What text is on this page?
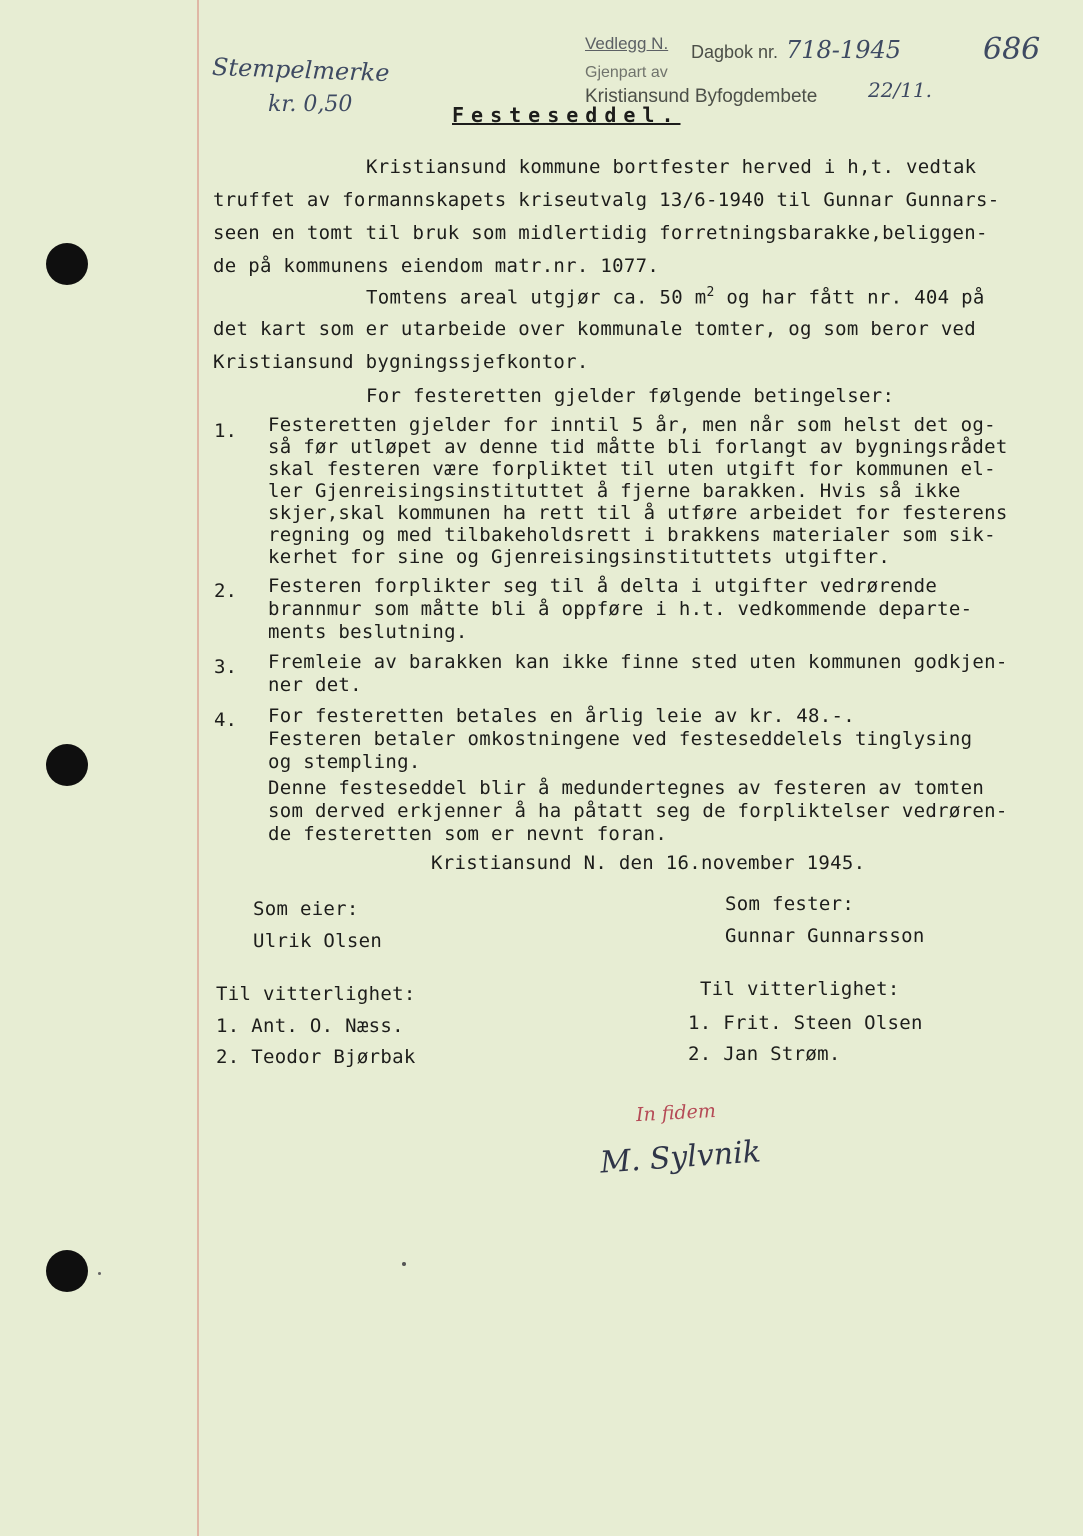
Stempelmerke
kr. 0,50
Vedlegg N. Dagbok nr. 718-1945
Gjenpart av
Kristiansund Byfogdembete	22/11.
686
Festeseddel.
Kristiansund kommune bortfester herved i h,t. vedtak
truffet av formannskapets kriseutvalg 13/6-1940 til Gunnar Gunnars-
seen en tomt til bruk som midlertidig forretningsbarakke,beliggen-
de på kommunens eiendom matr.nr. 1077.
Tomtens areal utgjør ca. 50 $m^2$ og har fått nr. 404 på
det kart som er utarbeide over kommunale tomter, og som beror ved
Kristiansund bygningssjefkontor.
For festeretten gjelder følgende betingelser:
1. Festeretten gjelder for inntil 5 år, men når som helst det og-
så før utløpet av denne tid måtte bli forlangt av bygningsrådet
skal festeren være forpliktet til uten utgift for kommunen el-
ler Gjenreisingsinstituttet å fjerne barakken. Hvis så ikke
skjer,skal kommunen ha rett til å utføre arbeidet for festerens
regning og med tilbakeholdsrett i brakkens materialer som sik-
kerhet for sine og Gjenreisingsinstituttets utgifter.
2. Festeren forplikter seg til å delta i utgifter vedrørende
brannmur som måtte bli å oppføre i h.t. vedkommende departe-
ments beslutning.
3. Fremleie av barakken kan ikke finne sted uten kommunen godkjen-
ner det.
4. For festeretten betales en årlig leie av kr. 48.-.
Festeren betaler omkostningene ved festeseddelels tinglysing
og stempling.
Denne festeseddel blir å medundertegnes av festeren av tomten
som derved erkjenner å ha påtatt seg de forpliktelser vedrøren-
de festeretten som er nevnt foran.
Kristiansund N. den 16.november 1945.
Som eier:
Ulrik Olsen
Som fester:
Gunnar Gunnarsson
Til vitterlighet:
1. Ant. O. Næss.
2. Teodor Bjørbak
Til vitterlighet:
1. Frit. Steen Olsen
2. Jan Strøm.
In fidem
M. Sylvnik
